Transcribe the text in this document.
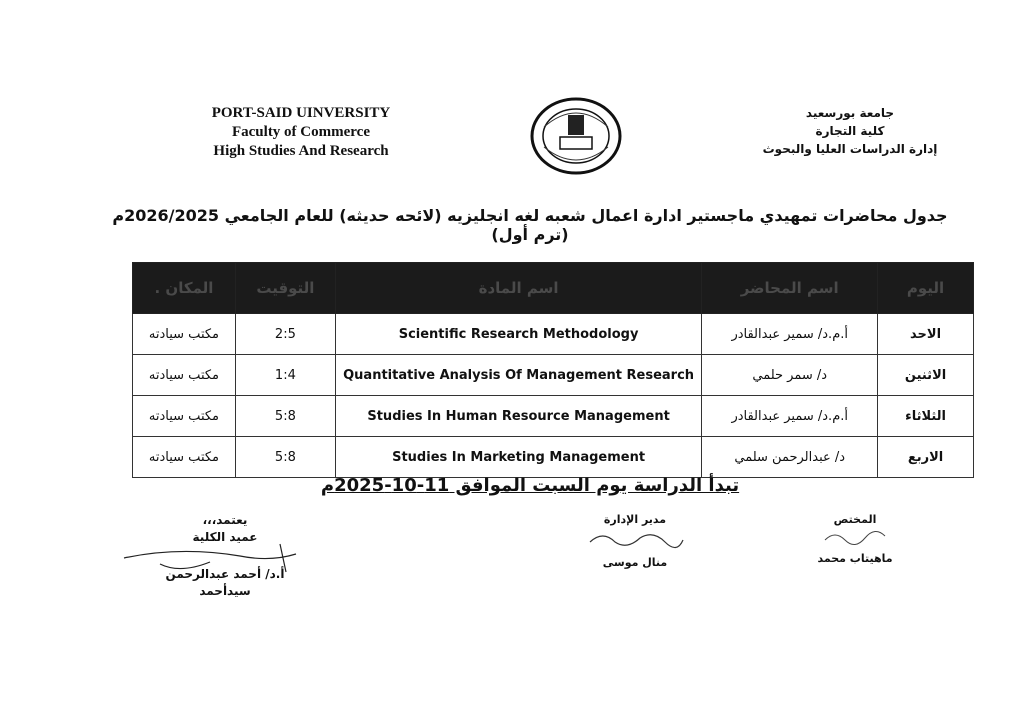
PORT-SAID UINVERSITY
Faculty of Commerce
High Studies And Research
جامعة بورسعيد
كلية التجارة
إدارة الدراسات العليا والبحوث
جدول محاضرات تمهيدي ماجستير ادارة اعمال شعبه لغه انجليزيه (لائحه حديثه) للعام الجامعي 2026/2025م (ترم أول)
اليوم	اسم المحاضر	اسم المادة	التوقيت	المكان .
الاحد	أ.م.د/ سمير عبدالقادر	Scientific Research Methodology	2:5	مكتب سيادته
الاثنين	د/ سمر حلمي	Quantitative Analysis Of Management Research	1:4	مكتب سيادته
الثلاثاء	أ.م.د/ سمير عبدالقادر	Studies In Human Resource Management	5:8	مكتب سيادته
الاربع	د/ عبدالرحمن سلمي	Studies In Marketing Management	5:8	مكتب سيادته
تبدأ الدراسة يوم السبت الموافق 11-10-2025م
المختص
ماهيتاب محمد
مدير الإدارة
منال موسى
يعتمد،،،
عميد الكلية
أ.د/ أحمد عبدالرحمن سيدأحمد
